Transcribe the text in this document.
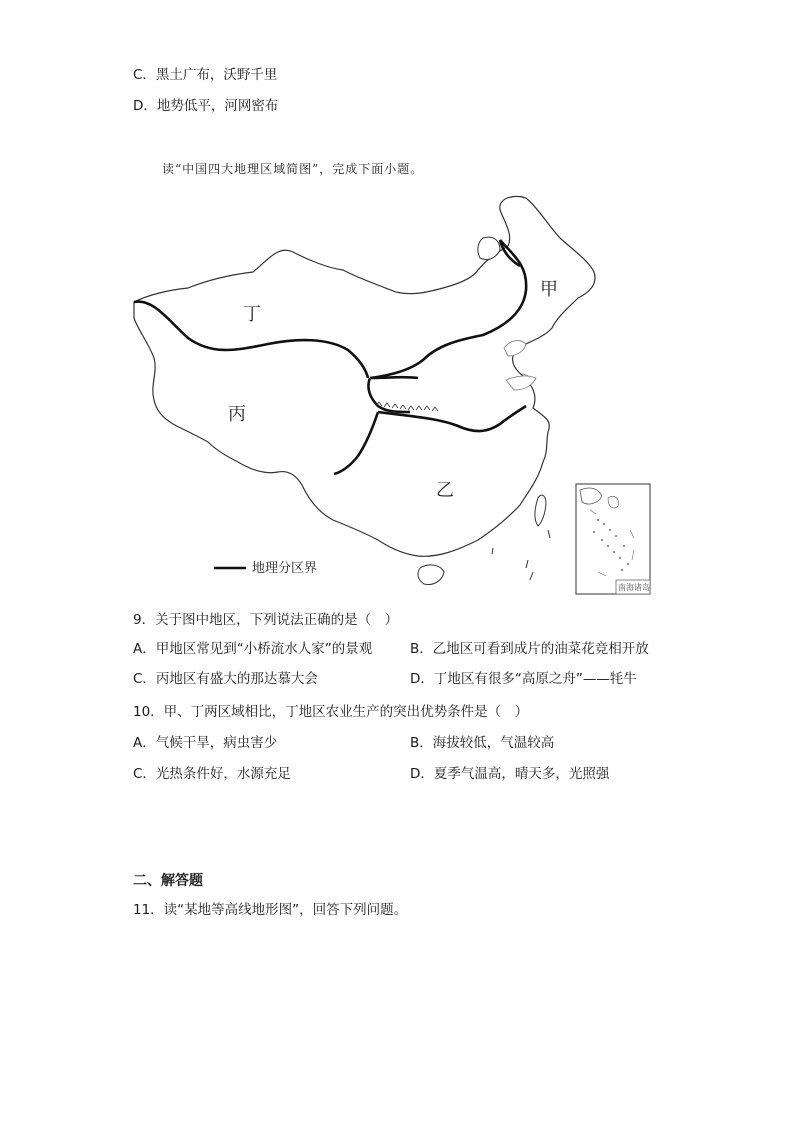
C．黑土广布，沃野千里
D．地势低平，河网密布
读“中国四大地理区域简图”，完成下面小题。
丁
甲
丙
乙
地理分区界
南海诸岛
9．关于图中地区，下列说法正确的是（　）
A．甲地区常见到“小桥流水人家”的景观	B．乙地区可看到成片的油菜花竞相开放
C．丙地区有盛大的那达慕大会	D．丁地区有很多“高原之舟”——牦牛
10．甲、丁两区域相比，丁地区农业生产的突出优势条件是（　）
A．气候干旱，病虫害少	B．海拔较低，气温较高
C．光热条件好，水源充足	D．夏季气温高，晴天多，光照强
二、解答题
11．读“某地等高线地形图”，回答下列问题。
